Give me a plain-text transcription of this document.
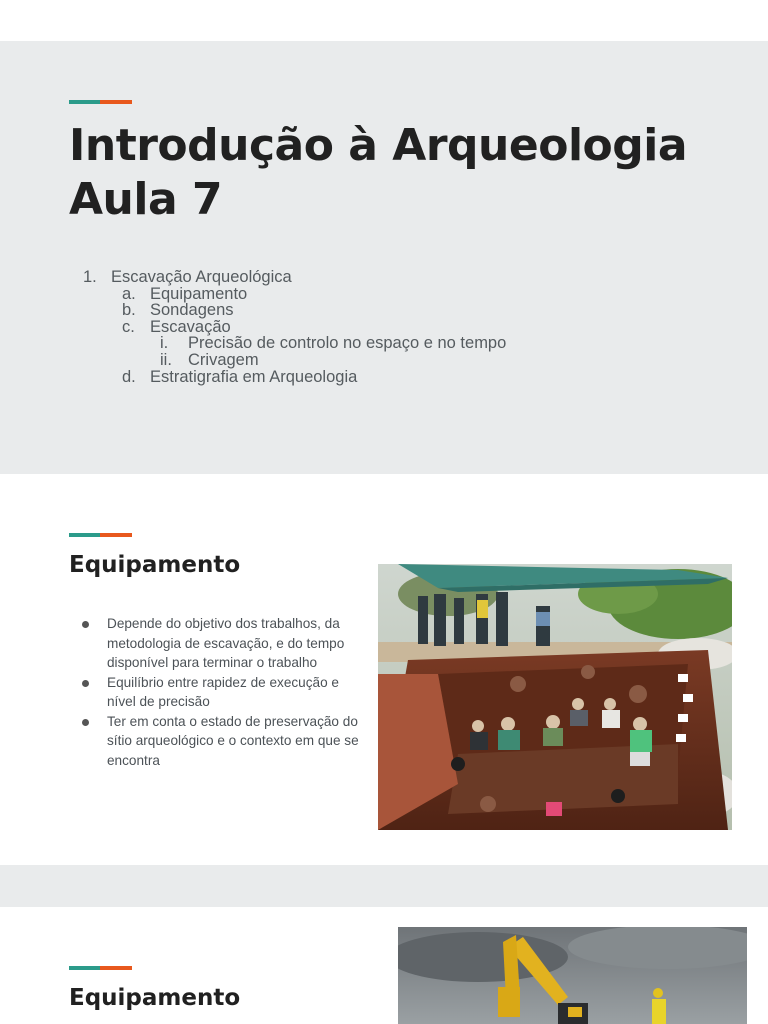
Introdução à Arqueologia
Aula 7
1. Escavação Arqueológica
a. Equipamento
b. Sondagens
c. Escavação
i. Precisão de controlo no espaço e no tempo
ii. Crivagem
d. Estratigrafia em Arqueologia
Equipamento
Depende do objetivo dos trabalhos, da metodologia de escavação, e do tempo disponível para terminar o trabalho
Equilíbrio entre rapidez de execução e nível de precisão
Ter em conta o estado de preservação do sítio arqueológico e o contexto em que se encontra
Equipamento
